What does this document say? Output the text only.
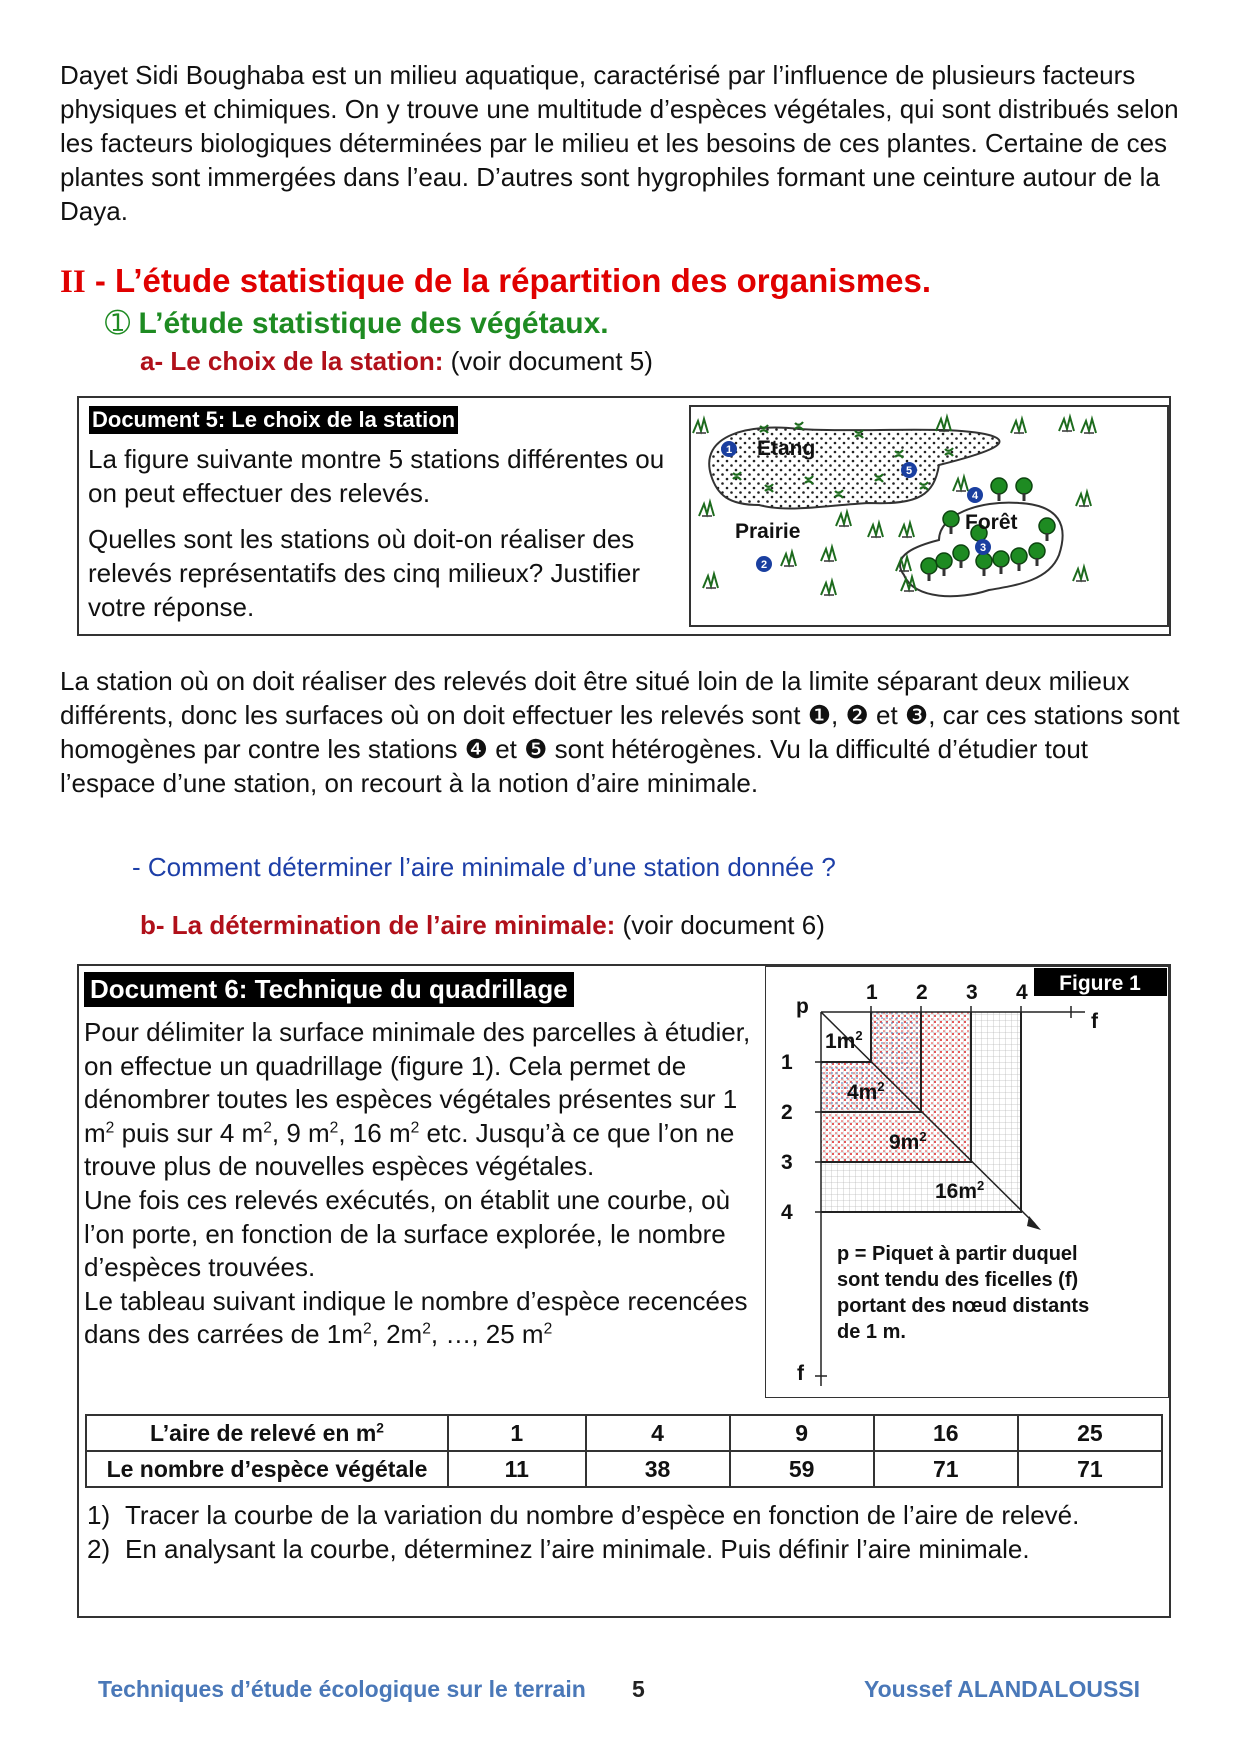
Dayet Sidi Boughaba est un milieu aquatique, caractérisé par l’influence de plusieurs facteurs physiques et chimiques. On y trouve une multitude d’espèces végétales, qui sont distribués selon les facteurs biologiques déterminées par le milieu et les besoins de ces plantes. Certaine de ces plantes sont immergées dans l’eau. D’autres sont hygrophiles formant une ceinture autour de la Daya.
II - L’étude statistique de la répartition des organismes.
➀ L’étude statistique des végétaux.
a- Le choix de la station: (voir document 5)
Document 5: Le choix de la station
La figure suivante montre 5 stations différentes ou on peut effectuer des relevés.
Quelles sont les stations où doit-on réaliser des relevés représentatifs des cinq milieux? Justifier votre réponse.
Etang
Prairie	Forêt
1
2
3
4
5
La station où on doit réaliser des relevés doit être situé loin de la limite séparant deux milieux différents, donc les surfaces où on doit effectuer les relevés sont ❶, ❷ et ❸, car ces stations sont homogènes par contre les stations ❹ et ❺ sont hétérogènes. Vu la difficulté d’étudier tout l’espace d’une station, on recourt à la notion d’aire minimale.
- Comment déterminer l’aire minimale d’une station donnée ?
b- La détermination de l’aire minimale: (voir document 6)
Document 6: Technique du quadrillage
Pour délimiter la surface minimale des parcelles à étudier, on effectue un quadrillage (figure 1). Cela permet de dénombrer toutes les espèces végétales présentes sur 1 $m^2$ puis sur 4 $m^2$, 9 $m^2$, 16 $m^2$ etc. Jusqu’à ce que l’on ne trouve plus de nouvelles espèces végétales.
Une fois ces relevés exécutés, on établit une courbe, où l’on porte, en fonction de la surface explorée, le nombre d’espèces trouvées.
Le tableau suivant indique le nombre d’espèce recencées dans des carrées de $1m^2$, $2m^2$, …, 25 $m^2$
Figure 1
p
f
f
1 2 3 4
1
2
3
4
$1m^2$
$4m^2$
$9m^2$
$16m^2$
p = Piquet à partir duquel
sont tendu des ficelles (f)
portant des nœud distants
de 1 m.
L’aire de relevé en $m^2$	1	4	9	16	25
Le nombre d’espèce végétale	11	38	59	71	71
1) Tracer la courbe de la variation du nombre d’espèce en fonction de l’aire de relevé.
2) En analysant la courbe, déterminez l’aire minimale. Puis définir l’aire minimale.
Techniques d’étude écologique sur le terrain 5	Youssef ALANDALOUSSI
